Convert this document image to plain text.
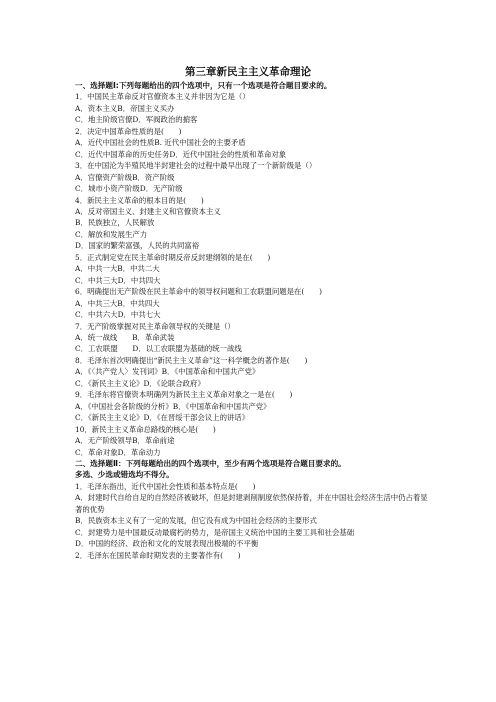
第三章新民主主义革命理论
一、选择题Ⅰ:下列每题给出的四个选项中，只有一个选项是符合题目要求的。
1．中国民主革命反对官僚资本主义并非因为它是（）
A．资本主义B．帝国主义买办
C．地主阶级官僚D．军阀政治的掮客
2．决定中国革命性质的是(　　)
A．近代中国社会的性质B. 近代中国社会的主要矛盾
C．近代中国革命的历史任务D．近代中国社会的性质和革命对象
3．在中国沦为半殖民地半封建社会的过程中最早出现了一个新阶级是（）
A．官僚资产阶级B．资产阶级
C．城市小资产阶级D．无产阶级
4．新民主主义革命的根本目的是(　　)
A．反对帝国主义、封建主义和官僚资本主义
B．民族独立，人民解放
C．解放和发展生产力
D．国家的繁荣富强，人民的共同富裕
5．正式制定党在民主革命时期反帝反封建纲领的是在(　　)
A．中共一大B．中共二大
C．中共三大D．中共四大
6．明确提出无产阶级在民主革命中的领导权问题和工农联盟问题是在(　　)
A．中共三大B．中共四大
C．中共六大D．中共七大
7．无产阶级掌握对民主革命领导权的关键是（）
A．统一战线　　B．革命武装
C．工农联盟　　D．以工农联盟为基础的统一战线
8．毛泽东首次明确提出“新民主主义革命”这一科学概念的著作是(　　)
A．《〈共产党人〉发刊词》B．《中国革命和中国共产党》
C．《新民主主义论》D．《论联合政府》
9．毛泽东将官僚资本明确列为新民主主义革命对象之一是在(　　)
A．《中国社会各阶级的分析》B．《中国革命和中国共产党》
C．《新民主主义论》D．《在晋绥干部会议上的讲话》
10．新民主主义革命总路线的核心是(　　)
A．无产阶级领导B．革命前途
C．革命对象D．革命动力
二、选择题Ⅱ：下列每题给出的四个选项中，至少有两个选项是符合题目要求的。
多选、少选或错选均不得分。
1．毛泽东指出，近代中国社会性质和基本特点是(　　)
A．封建时代自给自足的自然经济被破坏，但是封建剥削制度依然保持着，并在中国社会经济生活中仍占着显著的优势
B．民族资本主义有了一定的发展，但它没有成为中国社会经济的主要形式
C．封建势力是中国最反动最腐朽的势力，是帝国主义统治中国的主要工具和社会基础
D．中国的经济、政治和文化的发展表现出极端的不平衡
2．毛泽东在国民革命时期发表的主要著作有(　　)
